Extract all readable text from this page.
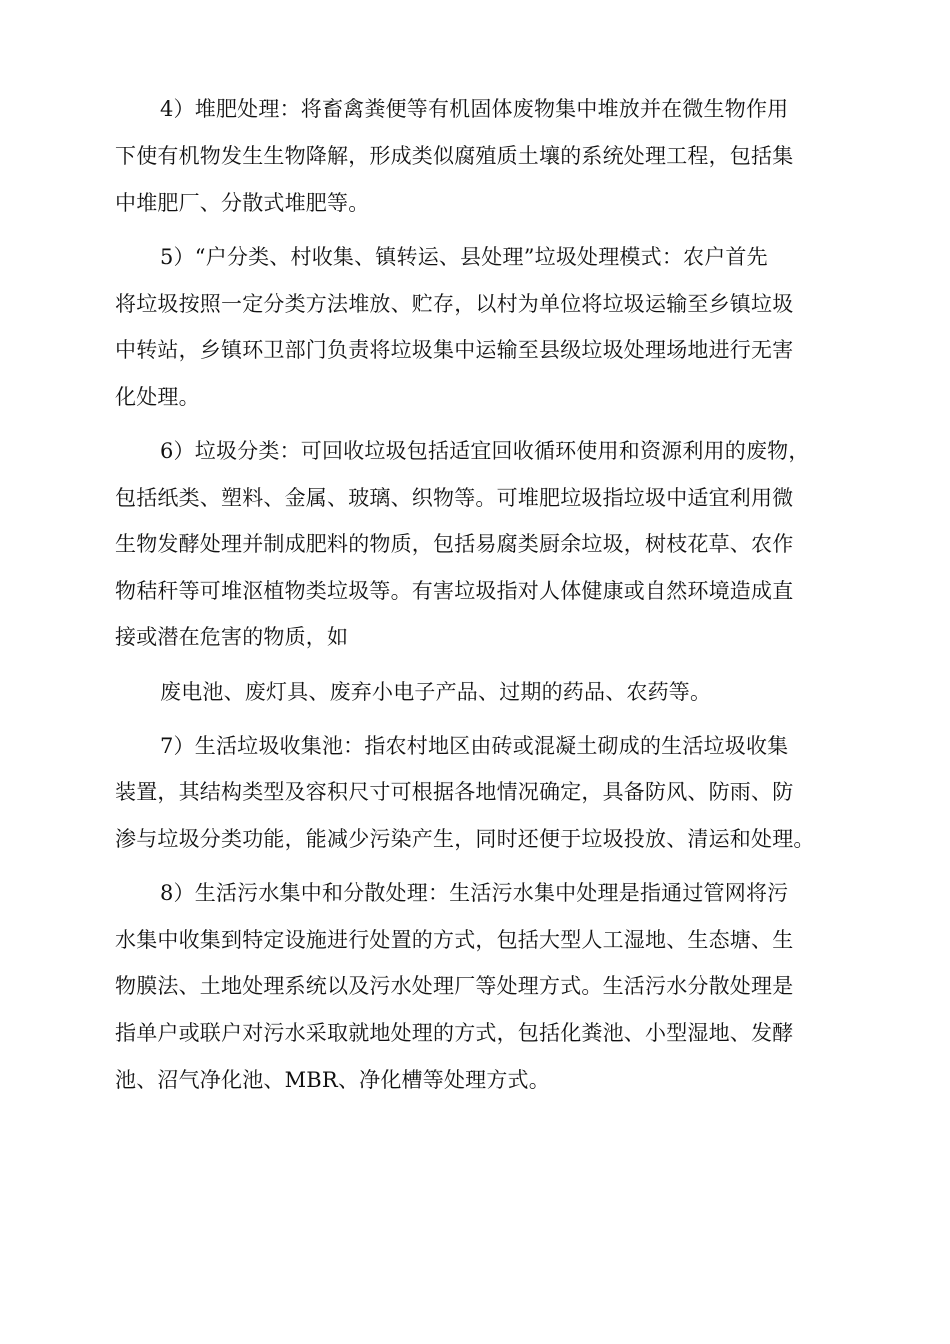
4）堆肥处理：将畜禽粪便等有机固体废物集中堆放并在微生物作用
下使有机物发生生物降解，形成类似腐殖质土壤的系统处理工程，包括集
中堆肥厂、分散式堆肥等。
5）“户分类、村收集、镇转运、县处理”垃圾处理模式：农户首先
将垃圾按照一定分类方法堆放、贮存，以村为单位将垃圾运输至乡镇垃圾
中转站，乡镇环卫部门负责将垃圾集中运输至县级垃圾处理场地进行无害
化处理。
6）垃圾分类：可回收垃圾包括适宜回收循环使用和资源利用的废物，
包括纸类、塑料、金属、玻璃、织物等。可堆肥垃圾指垃圾中适宜利用微
生物发酵处理并制成肥料的物质，包括易腐类厨余垃圾，树枝花草、农作
物秸秆等可堆沤植物类垃圾等。有害垃圾指对人体健康或自然环境造成直
接或潜在危害的物质，如
废电池、废灯具、废弃小电子产品、过期的药品、农药等。
7）生活垃圾收集池：指农村地区由砖或混凝土砌成的生活垃圾收集
装置，其结构类型及容积尺寸可根据各地情况确定，具备防风、防雨、防
渗与垃圾分类功能，能减少污染产生，同时还便于垃圾投放、清运和处理。
8）生活污水集中和分散处理：生活污水集中处理是指通过管网将污
水集中收集到特定设施进行处置的方式，包括大型人工湿地、生态塘、生
物膜法、土地处理系统以及污水处理厂等处理方式。生活污水分散处理是
指单户或联户对污水采取就地处理的方式，包括化粪池、小型湿地、发酵
池、沼气净化池、MBR、净化槽等处理方式。
